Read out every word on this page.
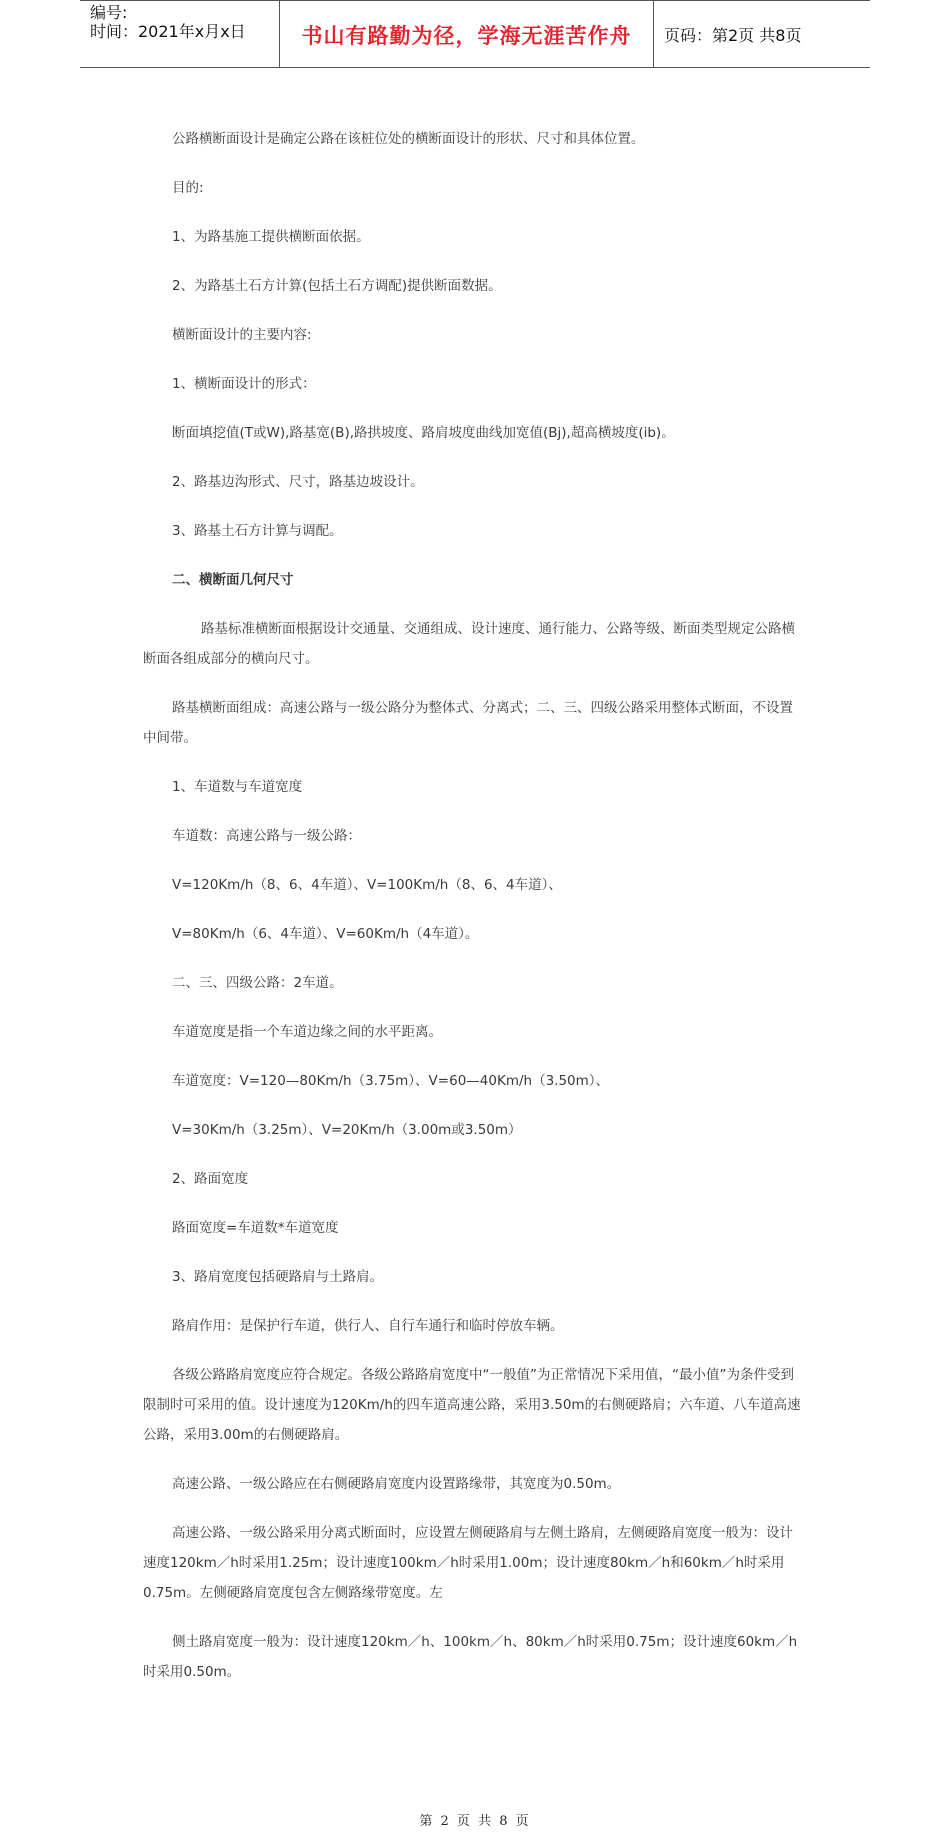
编号:
时间：2021年x月x日	书山有路勤为径，学海无涯苦作舟	页码：第2页 共8页

公路横断面设计是确定公路在该桩位处的横断面设计的形状、尺寸和具体位置。

目的:

1、为路基施工提供横断面依据。

2、为路基土石方计算(包括土石方调配)提供断面数据。

横断面设计的主要内容:

1、横断面设计的形式：

断面填挖值(T或W),路基宽(B),路拱坡度、路肩坡度曲线加宽值(Bj),超高横坡度(ib)。

2、路基边沟形式、尺寸，路基边坡设计。

3、路基土石方计算与调配。

二、横断面几何尺寸

路基标准横断面根据设计交通量、交通组成、设计速度、通行能力、公路等级、断面类型规定公路横断面各组成部分的横向尺寸。

路基横断面组成：高速公路与一级公路分为整体式、分离式；二、三、四级公路采用整体式断面，不设置中间带。

1、车道数与车道宽度

车道数：高速公路与一级公路：

V=120Km/h（8、6、4车道）、V=100Km/h（8、6、4车道）、

V=80Km/h（6、4车道）、V=60Km/h（4车道）。

二、三、四级公路：2车道。

车道宽度是指一个车道边缘之间的水平距离。

车道宽度：V=120—80Km/h（3.75m）、V=60—40Km/h（3.50m）、

V=30Km/h（3.25m）、V=20Km/h（3.00m或3.50m）

2、路面宽度

路面宽度=车道数*车道宽度

3、路肩宽度包括硬路肩与土路肩。

路肩作用：是保护行车道，供行人、自行车通行和临时停放车辆。

各级公路路肩宽度应符合规定。各级公路路肩宽度中“一般值”为正常情况下采用值，“最小值”为条件受到限制时可采用的值。设计速度为120Km/h的四车道高速公路，采用3.50m的右侧硬路肩；六车道、八车道高速公路，采用3.00m的右侧硬路肩。

高速公路、一级公路应在右侧硬路肩宽度内设置路缘带，其宽度为0.50m。

高速公路、一级公路采用分离式断面时，应设置左侧硬路肩与左侧土路肩，左侧硬路肩宽度一般为：设计速度120km／h时采用1.25m；设计速度100km／h时采用1.00m；设计速度80km／h和60km／h时采用0.75m。左侧硬路肩宽度包含左侧路缘带宽度。左

侧土路肩宽度一般为：设计速度120km／h、100km／h、80km／h时采用0.75m；设计速度60km／h时采用0.50m。

第 2 页 共 8 页
